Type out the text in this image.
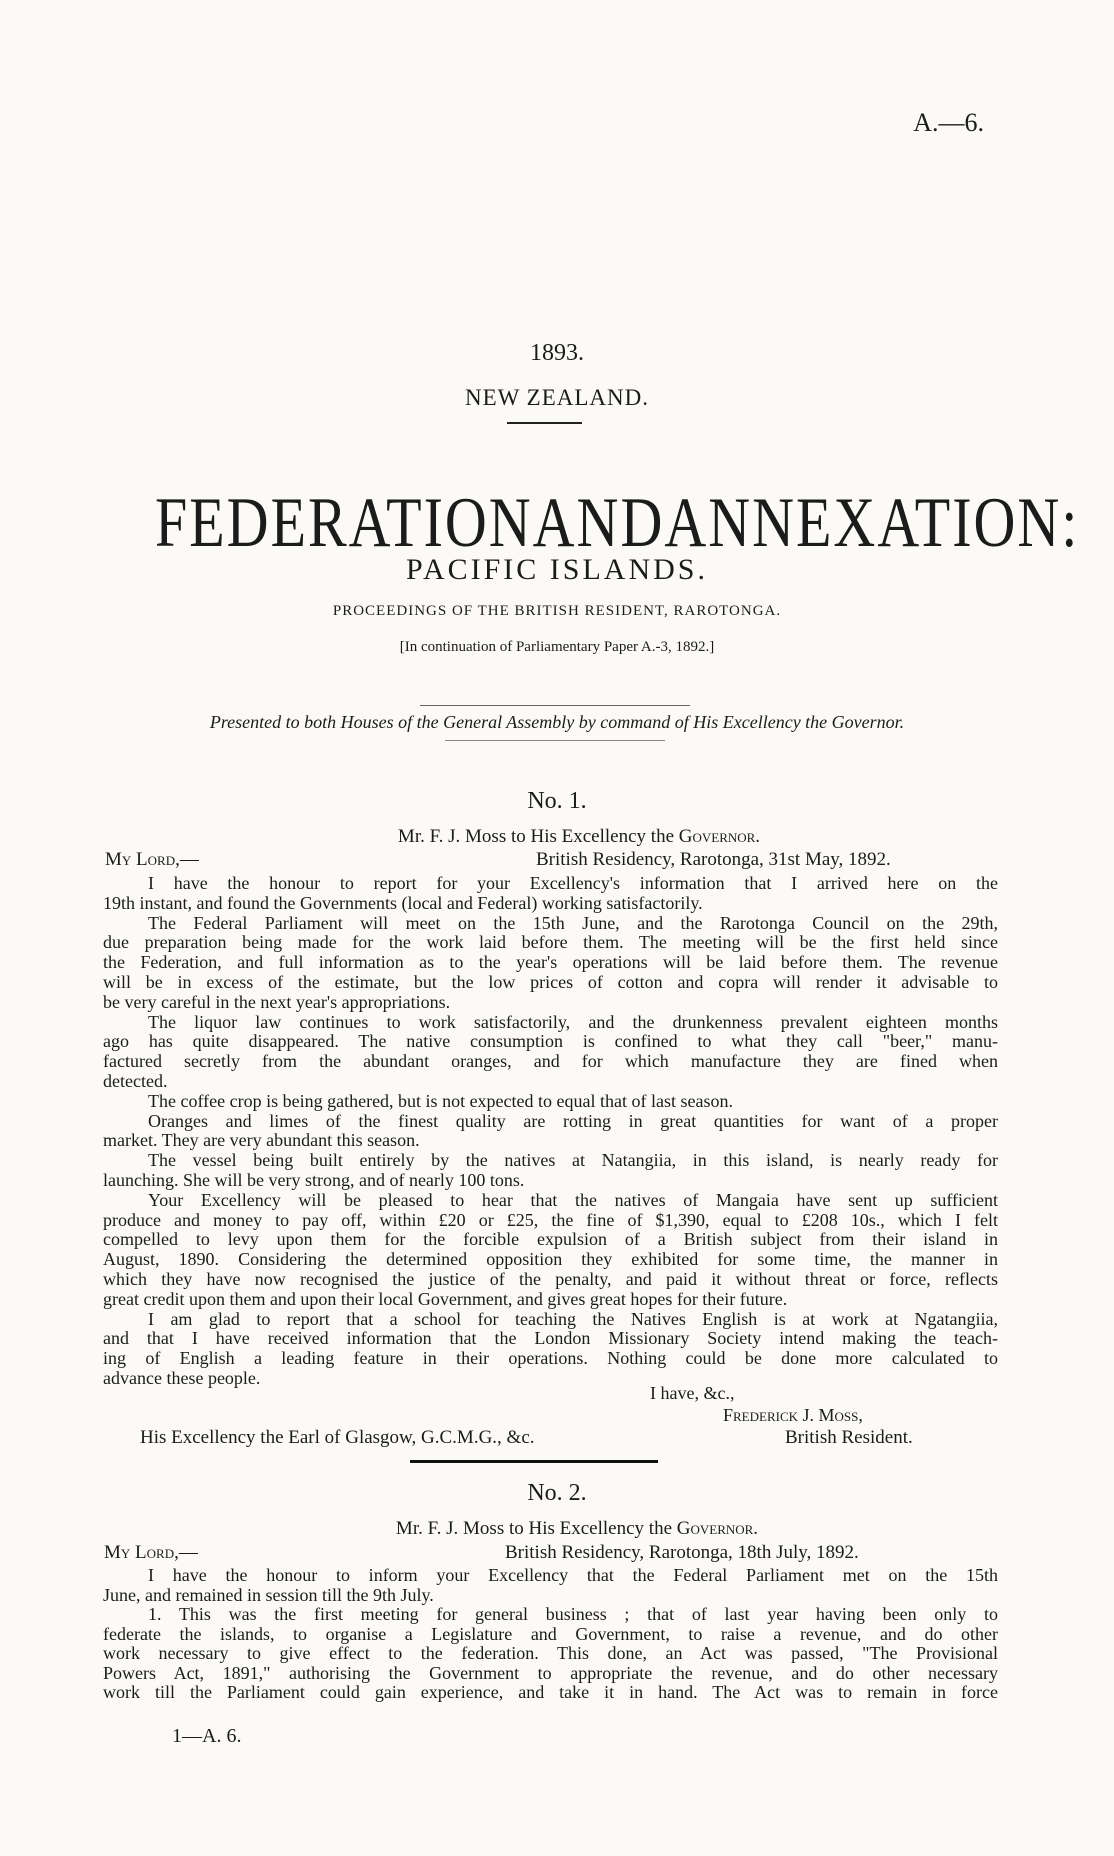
A.—6.
1893.
NEW ZEALAND.
FEDERATION AND ANNEXATION:
PACIFIC ISLANDS.
PROCEEDINGS OF THE BRITISH RESIDENT, RAROTONGA.
[In continuation of Parliamentary Paper A.-3, 1892.]
Presented to both Houses of the General Assembly by command of His Excellency the Governor.
No. 1.
Mr. F. J. Moss to His Excellency the Governor.
My Lord,—	British Residency, Rarotonga, 31st May, 1892.
I have the honour to report for your Excellency's information that I arrived here on the
19th instant, and found the Governments (local and Federal) working satisfactorily.
The Federal Parliament will meet on the 15th June, and the Rarotonga Council on the 29th,
due preparation being made for the work laid before them. The meeting will be the first held since
the Federation, and full information as to the year's operations will be laid before them. The revenue
will be in excess of the estimate, but the low prices of cotton and copra will render it advisable to
be very careful in the next year's appropriations.
The liquor law continues to work satisfactorily, and the drunkenness prevalent eighteen months
ago has quite disappeared. The native consumption is confined to what they call "beer," manu-
factured secretly from the abundant oranges, and for which manufacture they are fined when
detected.
The coffee crop is being gathered, but is not expected to equal that of last season.
Oranges and limes of the finest quality are rotting in great quantities for want of a proper
market. They are very abundant this season.
The vessel being built entirely by the natives at Natangiia, in this island, is nearly ready for
launching. She will be very strong, and of nearly 100 tons.
Your Excellency will be pleased to hear that the natives of Mangaia have sent up sufficient
produce and money to pay off, within £20 or £25, the fine of $1,390, equal to £208 10s., which I felt
compelled to levy upon them for the forcible expulsion of a British subject from their island in
August, 1890. Considering the determined opposition they exhibited for some time, the manner in
which they have now recognised the justice of the penalty, and paid it without threat or force, reflects
great credit upon them and upon their local Government, and gives great hopes for their future.
I am glad to report that a school for teaching the Natives English is at work at Ngatangiia,
and that I have received information that the London Missionary Society intend making the teach-
ing of English a leading feature in their operations. Nothing could be done more calculated to
advance these people.
I have, &c.,
Frederick J. Moss,
His Excellency the Earl of Glasgow, G.C.M.G., &c.	British Resident.
No. 2.
Mr. F. J. Moss to His Excellency the Governor.
My Lord,—	British Residency, Rarotonga, 18th July, 1892.
I have the honour to inform your Excellency that the Federal Parliament met on the 15th
June, and remained in session till the 9th July.
1. This was the first meeting for general business ; that of last year having been only to
federate the islands, to organise a Legislature and Government, to raise a revenue, and do other
work necessary to give effect to the federation. This done, an Act was passed, "The Provisional
Powers Act, 1891," authorising the Government to appropriate the revenue, and do other necessary
work till the Parliament could gain experience, and take it in hand. The Act was to remain in force
1—A. 6.
